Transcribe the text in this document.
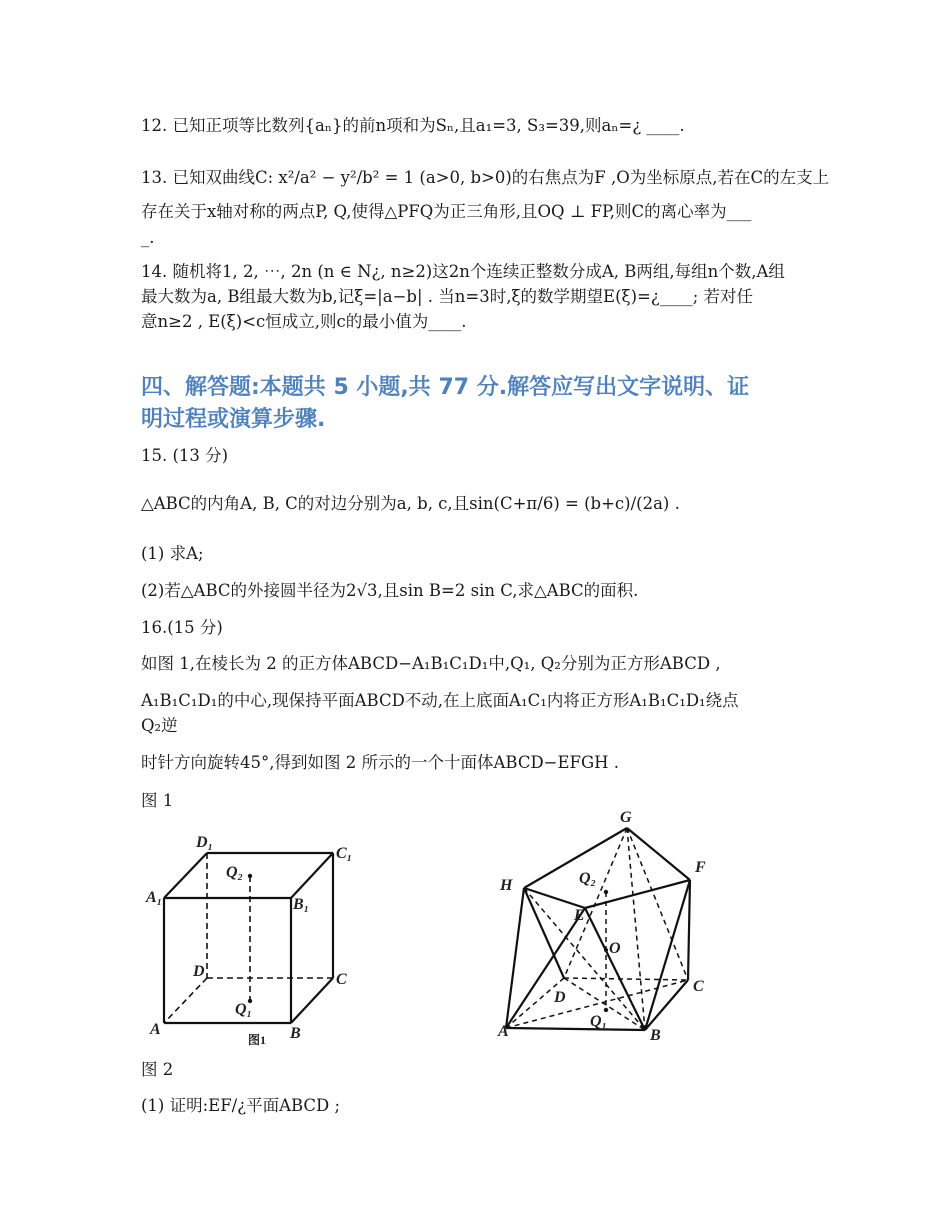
12. 已知正项等比数列{aₙ}的前n项和为Sₙ,且a₁=3, S₃=39,则aₙ=¿ ____.
13. 已知双曲线C: x²/a² − y²/b² = 1 (a>0, b>0)的右焦点为F ,O为坐标原点,若在C的左支上
存在关于x轴对称的两点P, Q,使得△PFQ为正三角形,且OQ ⊥ FP,则C的离心率为___
_.
14. 随机将1, 2, ⋯, 2n (n ∈ N¿, n≥2)这2n个连续正整数分成A, B两组,每组n个数,A组
最大数为a, B组最大数为b,记ξ=|a−b| . 当n=3时,ξ的数学期望E(ξ)=¿____; 若对任
意n≥2 , E(ξ)<c恒成立,则c的最小值为____.
四、解答题:本题共 5 小题,共 77 分.解答应写出文字说明、证
明过程或演算步骤.
15. (13 分)
△ABC的内角A, B, C的对边分别为a, b, c,且sin(C+π/6) = (b+c)/(2a) .
(1) 求A;
(2)若△ABC的外接圆半径为2√3,且sin B=2 sin C,求△ABC的面积.
16.(15 分)
如图 1,在棱长为 2 的正方体ABCD−A₁B₁C₁D₁中,Q₁, Q₂分别为正方形ABCD ,
A₁B₁C₁D₁的中心,现保持平面ABCD不动,在上底面A₁C₁内将正方形A₁B₁C₁D₁绕点
Q₂逆
时针方向旋转45°,得到如图 2 所示的一个十面体ABCD−EFGH .
图 1
A₁
D₁
C₁
B₁
Q₂
D	C
Q₁
A	B
图1
G
F
H	Q₂
E
O
D
C
Q₁
A	B
图 2
(1) 证明:EF/¿平面ABCD ;
